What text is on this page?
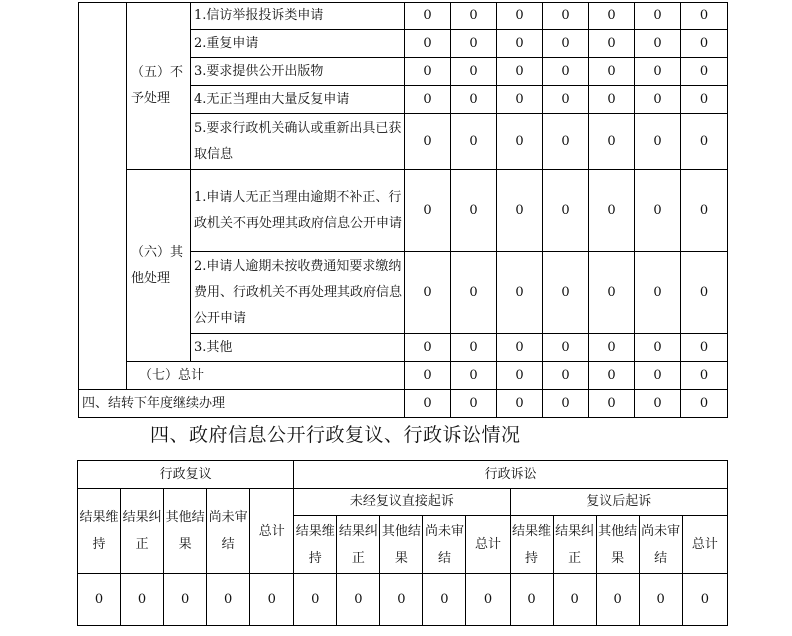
	（五）不予处理	1.信访举报投诉类申请	0	0	0	0	0	0	0
		2.重复申请	0	0	0	0	0	0	0
		3.要求提供公开出版物	0	0	0	0	0	0	0
		4.无正当理由大量反复申请	0	0	0	0	0	0	0
		5.要求行政机关确认或重新出具已获取信息	0	0	0	0	0	0	0
	（六）其他处理	1.申请人无正当理由逾期不补正、行政机关不再处理其政府信息公开申请	0	0	0	0	0	0	0
		2.申请人逾期未按收费通知要求缴纳费用、行政机关不再处理其政府信息公开申请	0	0	0	0	0	0	0
		3.其他	0	0	0	0	0	0	0
	（七）总计		0	0	0	0	0	0	0
四、结转下年度继续办理			0	0	0	0	0	0	0
四、政府信息公开行政复议、行政诉讼情况
行政复议					行政诉讼									
结果维持	结果纠正	其他结果	尚未审结	总计	未经复议直接起诉					复议后起诉				
					结果维持	结果纠正	其他结果	尚未审结	总计	结果维持	结果纠正	其他结果	尚未审结	总计
0	0	0	0	0	0	0	0	0	0	0	0	0	0	0
